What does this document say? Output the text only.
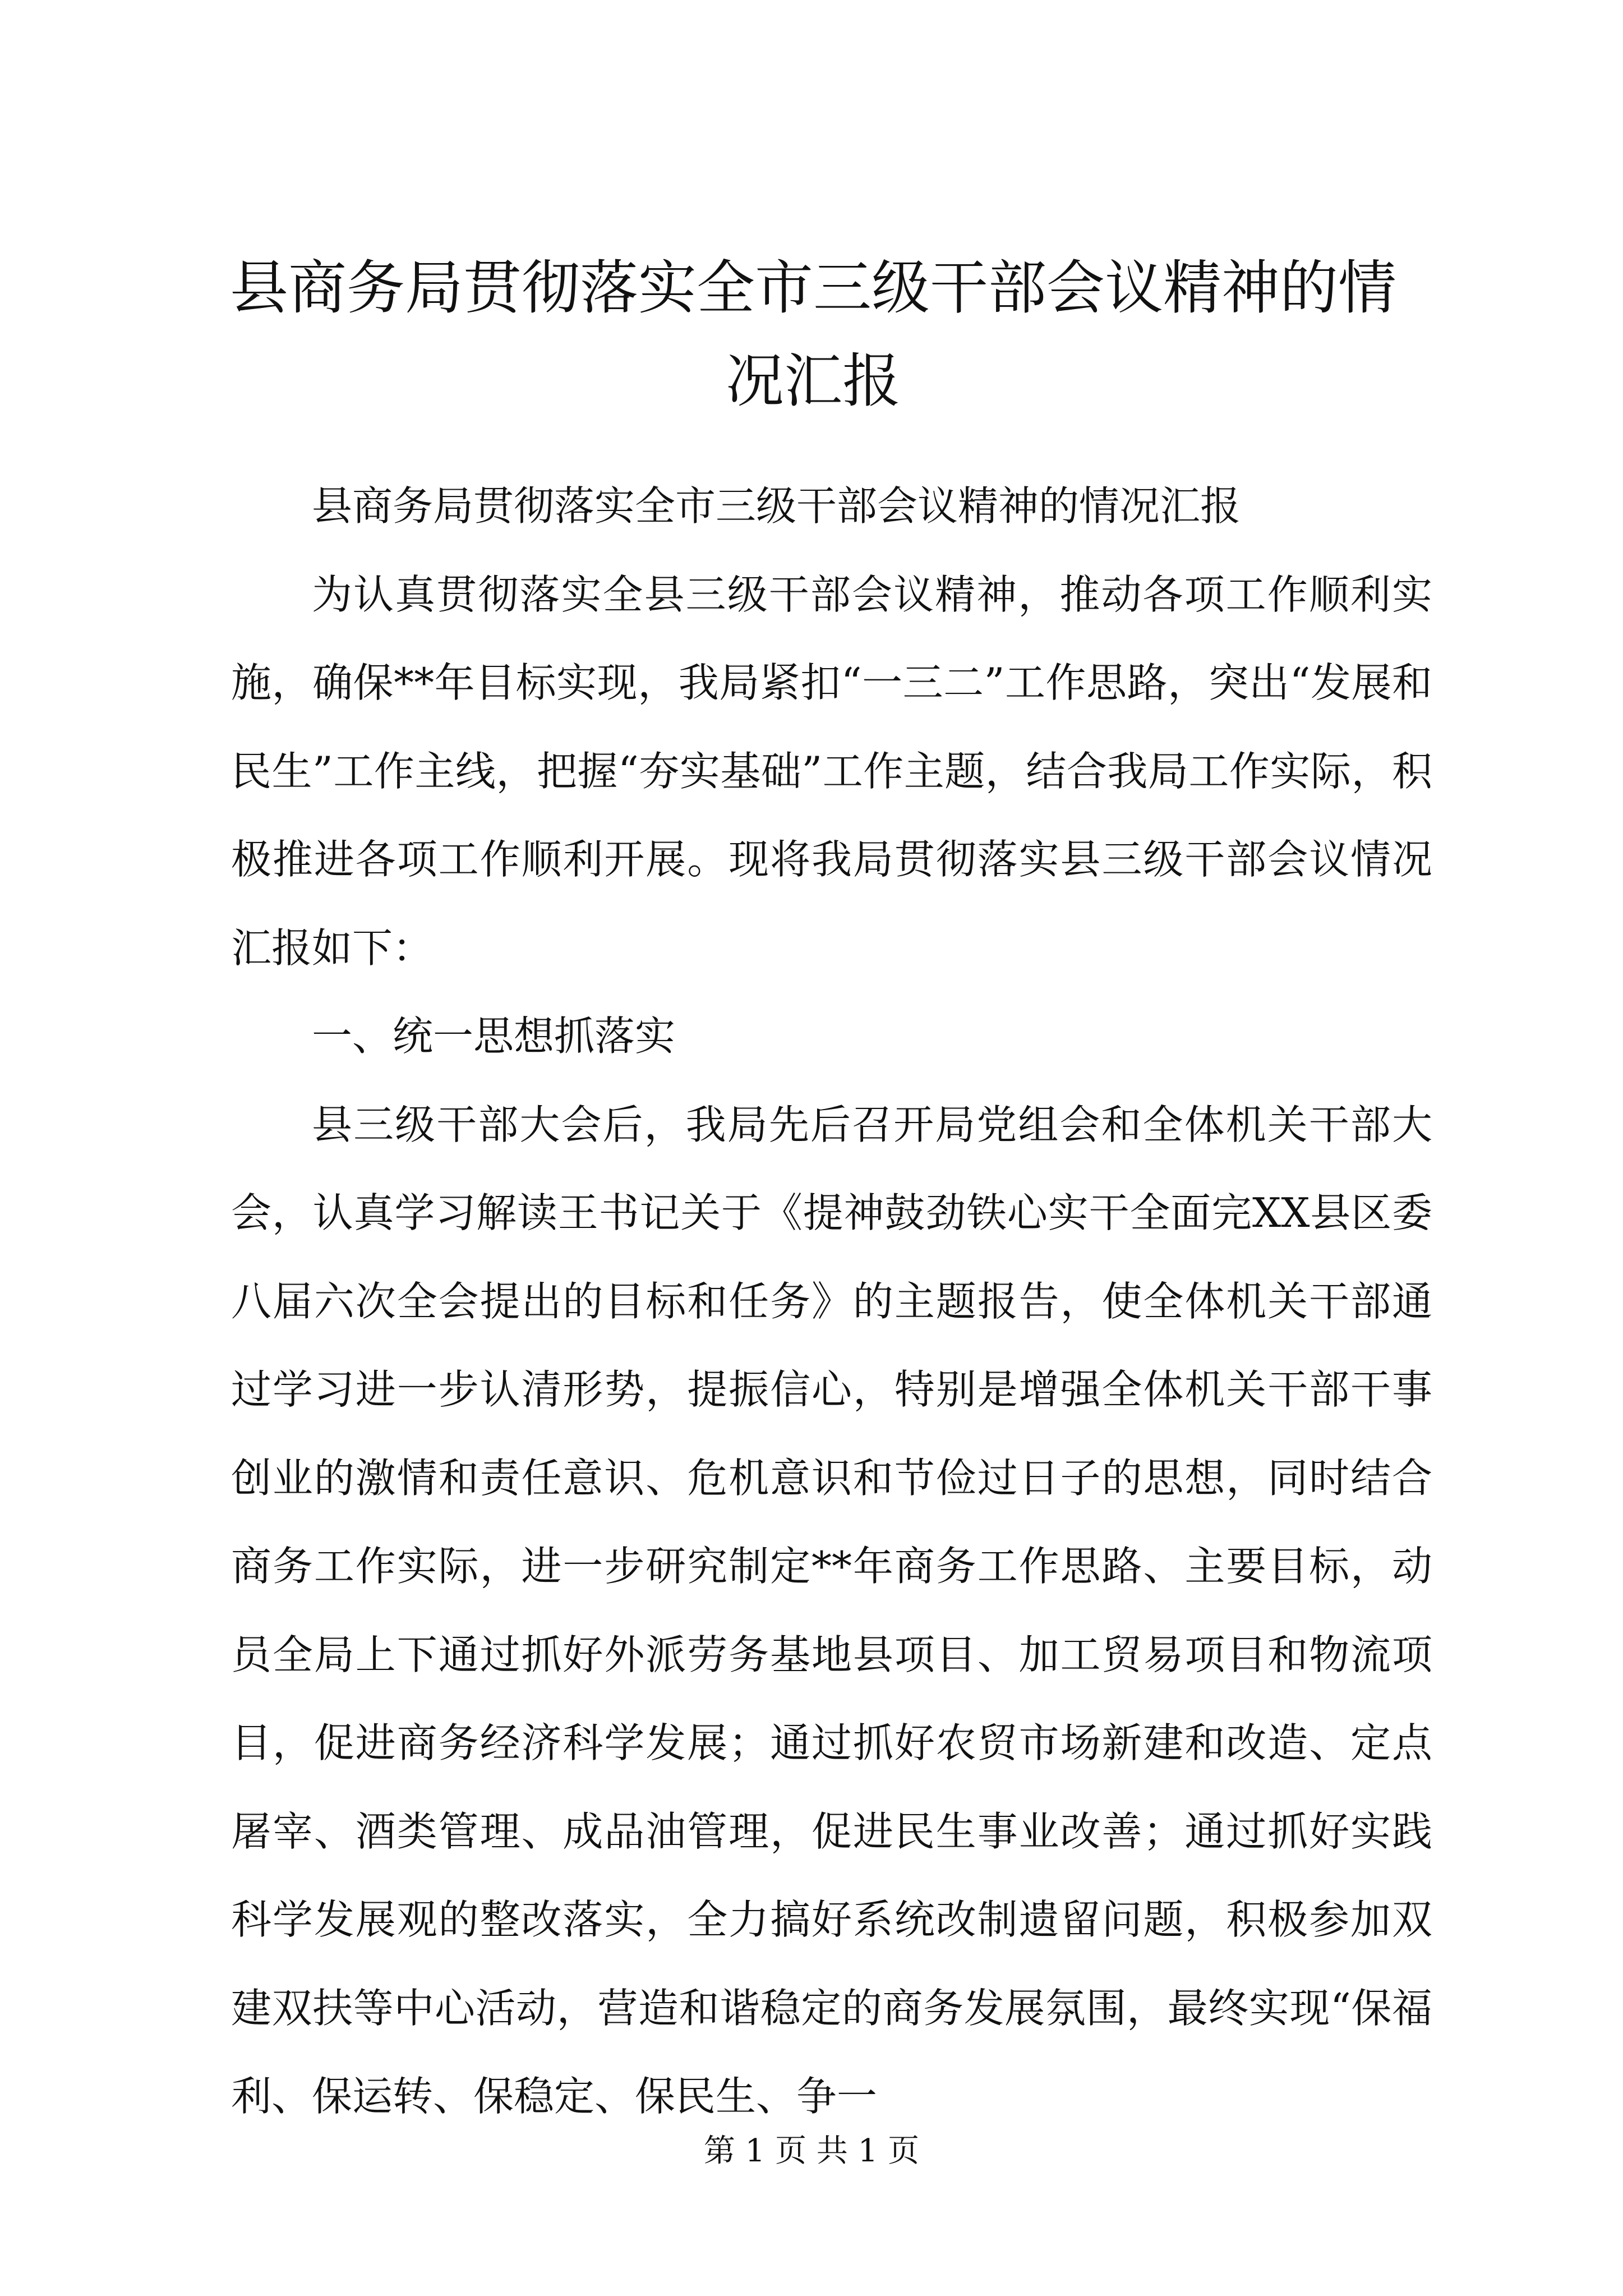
县商务局贯彻落实全市三级干部会议精神的情况汇报

县商务局贯彻落实全市三级干部会议精神的情况汇报

为认真贯彻落实全县三级干部会议精神，推动各项工作顺利实施，确保**年目标实现，我局紧扣“一三二”工作思路，突出“发展和民生”工作主线，把握“夯实基础”工作主题，结合我局工作实际，积极推进各项工作顺利开展。现将我局贯彻落实县三级干部会议情况汇报如下：

一、统一思想抓落实

县三级干部大会后，我局先后召开局党组会和全体机关干部大会，认真学习解读王书记关于《提神鼓劲铁心实干全面完XX县区委八届六次全会提出的目标和任务》的主题报告，使全体机关干部通过学习进一步认清形势，提振信心，特别是增强全体机关干部干事创业的激情和责任意识、危机意识和节俭过日子的思想，同时结合商务工作实际，进一步研究制定**年商务工作思路、主要目标，动员全局上下通过抓好外派劳务基地县项目、加工贸易项目和物流项目，促进商务经济科学发展；通过抓好农贸市场新建和改造、定点屠宰、酒类管理、成品油管理，促进民生事业改善；通过抓好实践科学发展观的整改落实，全力搞好系统改制遗留问题，积极参加双建双扶等中心活动，营造和谐稳定的商务发展氛围，最终实现“保福利、保运转、保稳定、保民生、争一

第 1 页 共 1 页
